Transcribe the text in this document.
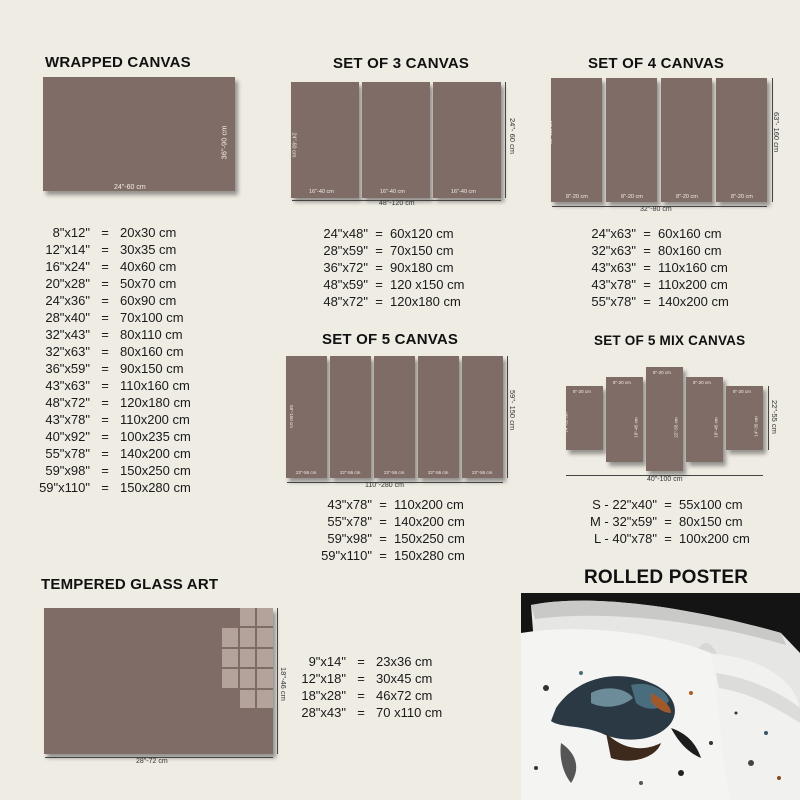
WRAPPED CANVAS
24"-60 cm
36"-90 cm
8"x12" = 20x30 cm
12"x14" = 30x35 cm
16"x24" = 40x60 cm
20"x28" = 50x70 cm
24"x36" = 60x90 cm
28"x40" = 70x100 cm
32"x43" = 80x110 cm
32"x63" = 80x160 cm
36"x59" = 90x150 cm
43"x63" = 110x160 cm
48"x72" = 120x180 cm
43"x78" = 110x200 cm
40"x92" = 100x235 cm
55"x78" = 140x200 cm
59"x98" = 150x250 cm
59"x110" = 150x280 cm
SET OF 3 CANVAS
24"-60 cm
16"-40 cm	16"-40 cm	16"-40 cm
48"-120 cm
24"- 60 cm
24"x48" = 60x120 cm
28"x59" = 70x150 cm
36"x72" = 90x180 cm
48"x59" = 120 x150 cm
48"x72" = 120x180 cm
SET OF 4 CANVAS
63"-160 cm
8"-20 cm	8"-20 cm	8"-20 cm	8"-20 cm
32"-80 cm
63"- 160 cm
24"x63" = 60x160 cm
32"x63" = 80x160 cm
43"x63" = 110x160 cm
43"x78" = 110x200 cm
55"x78" = 140x200 cm
SET OF 5 CANVAS
59"-150 cm
22"-56 cm	22"-56 cm	22"-56 cm	22"-56 cm	22"-56 cm
110"-280 cm
59"- 150 cm
43"x78" = 110x200 cm
55"x78" = 140x200 cm
59"x98" = 150x250 cm
59"x110" = 150x280 cm
SET OF 5 MIX CANVAS
8"-20 cm
14"-35 cm
8"-20 cm
18"-45 cm
8"-20 cm
22"-55 cm
8"-20 cm
18"-45 cm
8"-20 cm
14"-35 cm
40"-100 cm
22"-55 cm
S - 22"x40" = 55x100 cm
M - 32"x59" = 80x150 cm
L - 40"x78" = 100x200 cm
TEMPERED GLASS ART
28"-72 cm
18"-46 cm
9"x14" = 23x36 cm
12"x18" = 30x45 cm
18"x28" = 46x72 cm
28"x43" = 70 x110 cm
ROLLED POSTER
